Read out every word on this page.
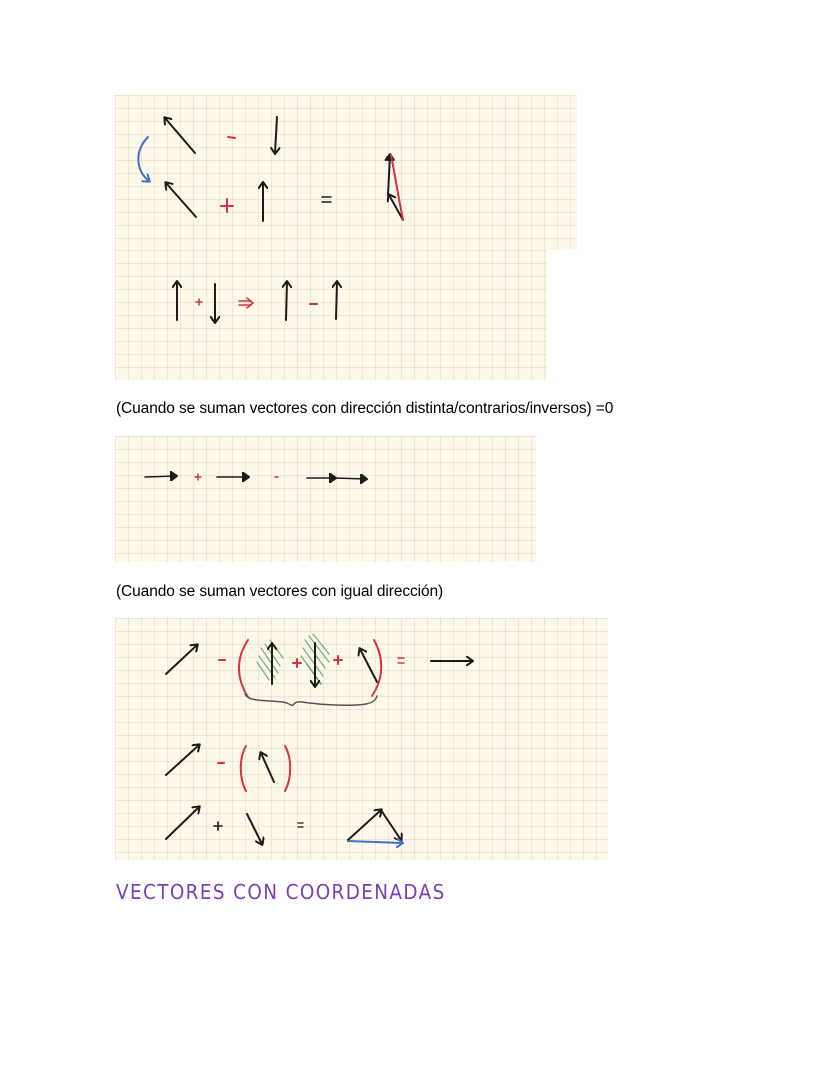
(Cuando se suman vectores con dirección distinta/contrarios/inversos) =0
(Cuando se suman vectores con igual dirección)
VECTORES CON COORDENADAS
